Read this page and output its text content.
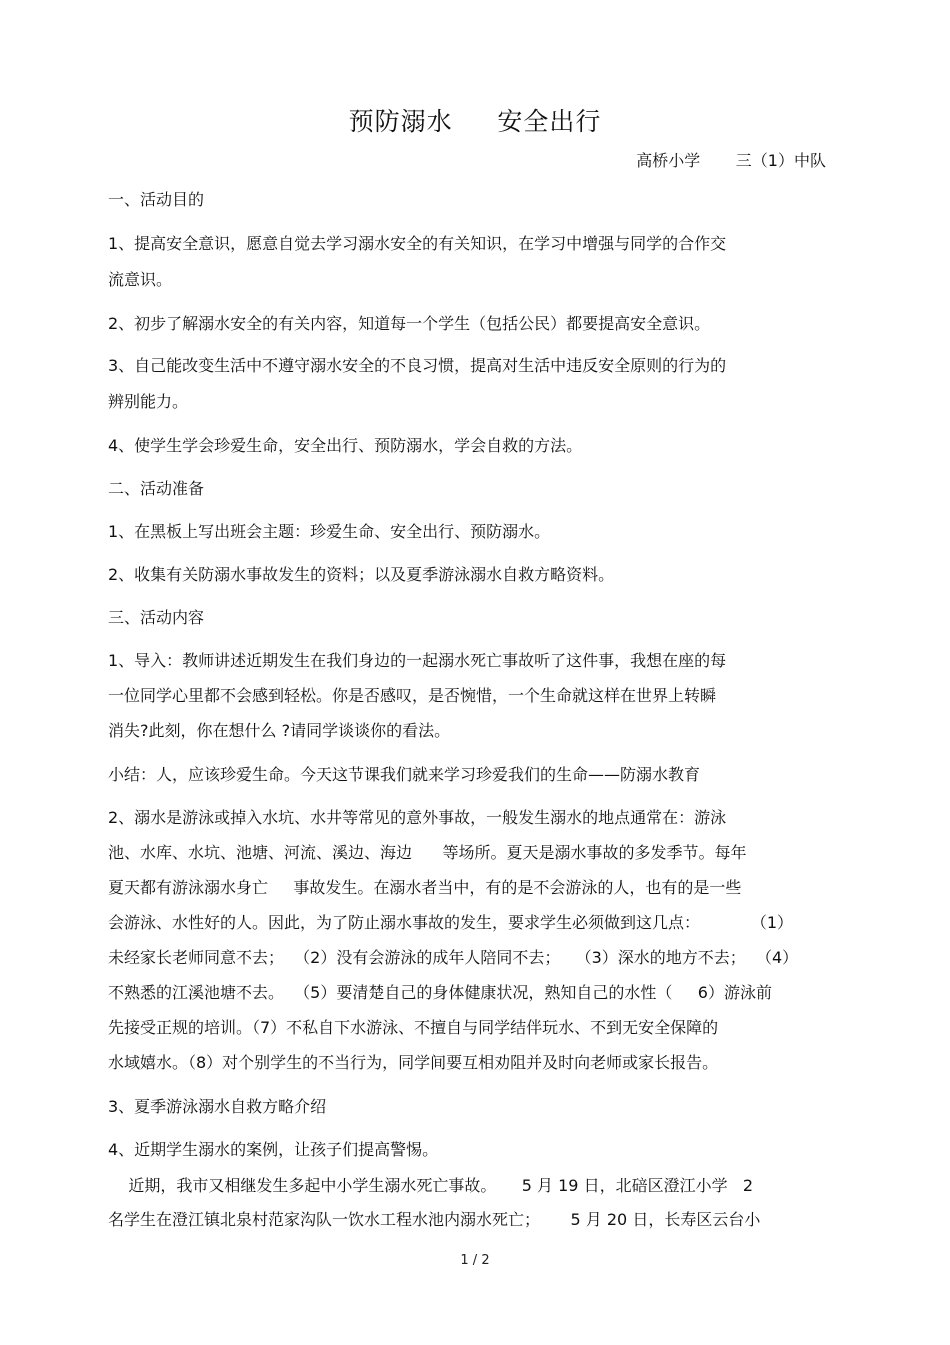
预防溺水     安全出行
高桥小学       三（1）中队
一、活动目的
1、提高安全意识，愿意自觉去学习溺水安全的有关知识，在学习中增强与同学的合作交
流意识。
2、初步了解溺水安全的有关内容，知道每一个学生（包括公民）都要提高安全意识。
3、自己能改变生活中不遵守溺水安全的不良习惯，提高对生活中违反安全原则的行为的
辨别能力。
4、使学生学会珍爱生命，安全出行、预防溺水，学会自救的方法。
二、活动准备
1、在黑板上写出班会主题：珍爱生命、安全出行、预防溺水。
2、收集有关防溺水事故发生的资料；以及夏季游泳溺水自救方略资料。
三、活动内容
1、导入：教师讲述近期发生在我们身边的一起溺水死亡事故听了这件事，我想在座的每
一位同学心里都不会感到轻松。你是否感叹，是否惋惜，一个生命就这样在世界上转瞬
消失?此刻，你在想什么 ?请同学谈谈你的看法。
小结：人，应该珍爱生命。今天这节课我们就来学习珍爱我们的生命——防溺水教育
2、溺水是游泳或掉入水坑、水井等常见的意外事故，一般发生溺水的地点通常在：游泳
池、水库、水坑、池塘、河流、溪边、海边      等场所。夏天是溺水事故的多发季节。每年
夏天都有游泳溺水身亡     事故发生。在溺水者当中，有的是不会游泳的人，也有的是一些
会游泳、水性好的人。因此，为了防止溺水事故的发生，要求学生必须做到这几点：          （1）
未经家长老师同意不去；  （2）没有会游泳的成年人陪同不去；   （3）深水的地方不去；  （4）
不熟悉的江溪池塘不去。  （5）要清楚自己的身体健康状况，熟知自己的水性（     6）游泳前
先接受正规的培训。（7）不私自下水游泳、不擅自与同学结伴玩水、不到无安全保障的
水域嬉水。（8）对个别学生的不当行为，同学间要互相劝阻并及时向老师或家长报告。
3、夏季游泳溺水自救方略介绍
4、近期学生溺水的案例，让孩子们提高警惕。
近期，我市又相继发生多起中小学生溺水死亡事故。     5 月 19 日，北碚区澄江小学   2
名学生在澄江镇北泉村范家沟队一饮水工程水池内溺水死亡；      5 月 20 日，长寿区云台小
1 / 2
